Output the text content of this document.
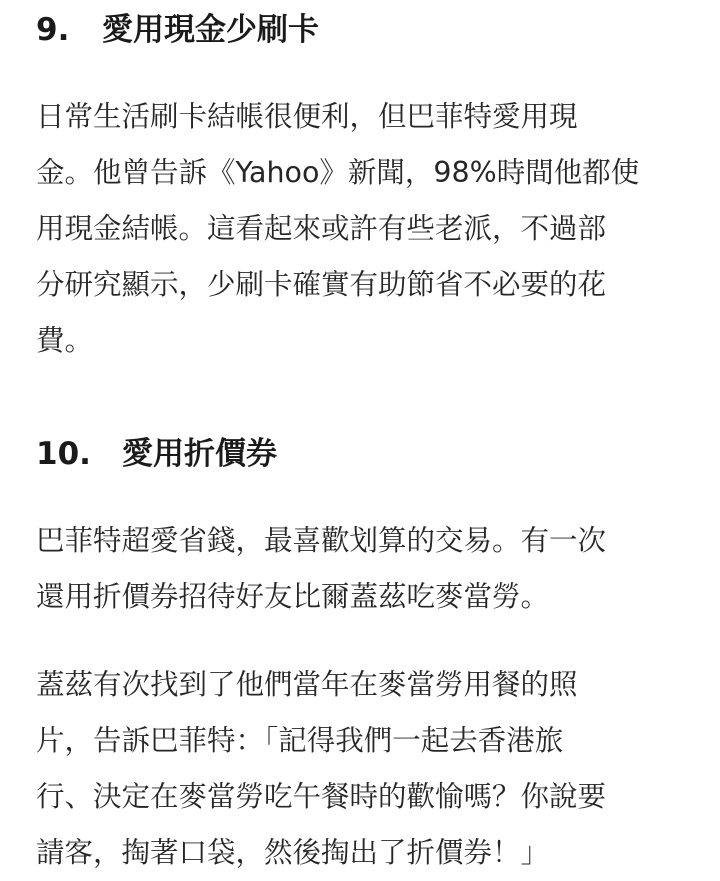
9. 愛用現金少刷卡
日常生活刷卡結帳很便利，但巴菲特愛用現
金。他曾告訴《Yahoo》新聞，98%時間他都使
用現金結帳。這看起來或許有些老派，不過部
分研究顯示，少刷卡確實有助節省不必要的花
費。
10. 愛用折價券
巴菲特超愛省錢，最喜歡划算的交易。有一次
還用折價券招待好友比爾蓋茲吃麥當勞。
蓋茲有次找到了他們當年在麥當勞用餐的照
片，告訴巴菲特：「記得我們一起去香港旅
行、決定在麥當勞吃午餐時的歡愉嗎？你說要
請客，掏著口袋，然後掏出了折價券！」
